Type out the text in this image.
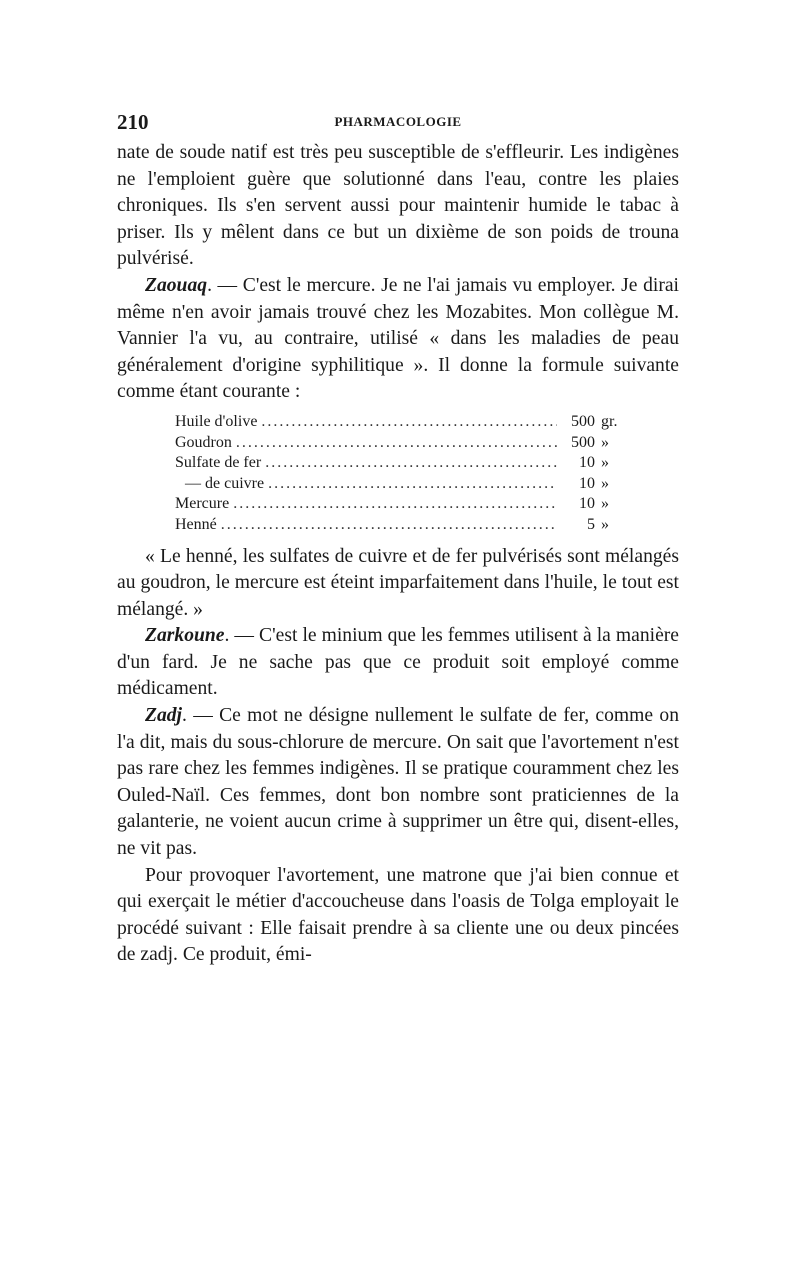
210	PHARMACOLOGIE

nate de soude natif est très peu susceptible de s'effleurir. Les indigènes ne l'emploient guère que solutionné dans l'eau, contre les plaies chroniques. Ils s'en servent aussi pour maintenir humide le tabac à priser. Ils y mêlent dans ce but un dixième de son poids de trouna pulvérisé.

Zaouaq. — C'est le mercure. Je ne l'ai jamais vu employer. Je dirai même n'en avoir jamais trouvé chez les Mozabites. Mon collègue M. Vannier l'a vu, au contraire, utilisé « dans les maladies de peau généralement d'origine syphilitique ». Il donne la formule suivante comme étant courante :

Huile d'olive . . .	500 gr.
Goudron . . .	500 »
Sulfate de fer . . .	10 »
— de cuivre . . .	10 »
Mercure . . .	10 »
Henné . . .	5 »

« Le henné, les sulfates de cuivre et de fer pulvérisés sont mélangés au goudron, le mercure est éteint imparfaitement dans l'huile, le tout est mélangé. »

Zarkoune. — C'est le minium que les femmes utilisent à la manière d'un fard. Je ne sache pas que ce produit soit employé comme médicament.

Zadj. — Ce mot ne désigne nullement le sulfate de fer, comme on l'a dit, mais du sous-chlorure de mercure. On sait que l'avortement n'est pas rare chez les femmes indigènes. Il se pratique couramment chez les Ouled-Naïl. Ces femmes, dont bon nombre sont praticiennes de la galanterie, ne voient aucun crime à supprimer un être qui, disent-elles, ne vit pas.

Pour provoquer l'avortement, une matrone que j'ai bien connue et qui exerçait le métier d'accoucheuse dans l'oasis de Tolga employait le procédé suivant : Elle faisait prendre à sa cliente une ou deux pincées de zadj. Ce produit, émi-
